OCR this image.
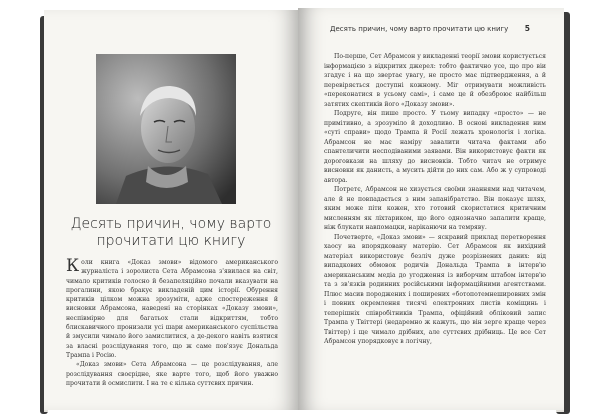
Десять причин, чому варто
прочитати цю книгу

Коли книга «Доказ змови» відомого американського журналіста і зоролиста Сета Абрамсона з'явилася на світ, чимало критиків голосно й безапеляційно почали вказувати на прогалини, якою бракує викладеній цим історії. Обурення критиків цілком можна зрозуміти, адже спостереження й висновки Абрамсона, наведені на сторінках «Доказу змови», неспівмірно для багатьох стали відкриттям, тобто блискавичного пронизали усі шари американського суспільства й змусили чимало його замислитися, а де-декого навіть взятися за власні розслідування того, що ж саме пов'язує Дональда Трампа і Росію.

«Доказ змови» Сета Абрамсона — це розслідування, але розслідування своєрідне, яке варте того, щоб його уважно прочитати й осмислити. І на те є кілька суттєвих причин.

Десять причин, чому варто прочитати цю книгу 5

По-перше, Сет Абрамсон у викладенні теорії змови користується інформацією з відкритих джерел: тобто фактично усе, що про віи згадує і на що звертає увагу, не просто має підтвердження, а й перевіряється доступні кожному. Міг отримувати можливість «переконатися в усьому самі», і саме це й обезброює найбільш затятих скептиків його «Доказу змови».

Подруге, він пише просто. У тьому випадку «просто» — не примітивно, а зрозуміло й доходливо. В основі викладення ним «суті справи» щодо Трампа й Росії лежать хронологія і логіка. Абрамсон не має наміру завалити читача фактами або спантеличити несподіваними заявами. Він використовує факти як дороговкази на шляху до висновків. Тобто читач не отримує висновки як данисть, а мусить дійти до них сам. Або ж у супроводі автора.

Потретє, Абрамсон не хизується своїми знаннями над читачем, але й не повпадається з ним запанібратство. Він показує шлях, яким може піти кожен, хто готовий скористатися критичним мисленням як ліхтариком, що його однозначно запалити краще, ніж блукати навпомацки, наріканючи на темряву.

Почетверте, «Доказ змови» — яскравий приклад перетворення хаосу на впорядковану матерію. Сет Абрамсон як вихідний матеріал використовує безліч дуже розрізнених даних: від випадкових обмовок родичів Дональда Трампа в інтерв'ю американським медіа до угодження із виборчим штабом інтерв'ю та з зв'язків родинних російськими інформаційними агентствами. Плюс масив породжених і поширених «ботопотемнешировних змін і повних окремлення тисячі електронних листів коміщинь і теперішніх співробітників Трампа, офіційний обліковий запис Трампа у Твіттері (недаремно ж кажуть, що він зерге краще через Твіттер) і ще чимало дрібних, але суттєвих дрібниць. Це все Сет Абрамсон упорядковує в логічну,
